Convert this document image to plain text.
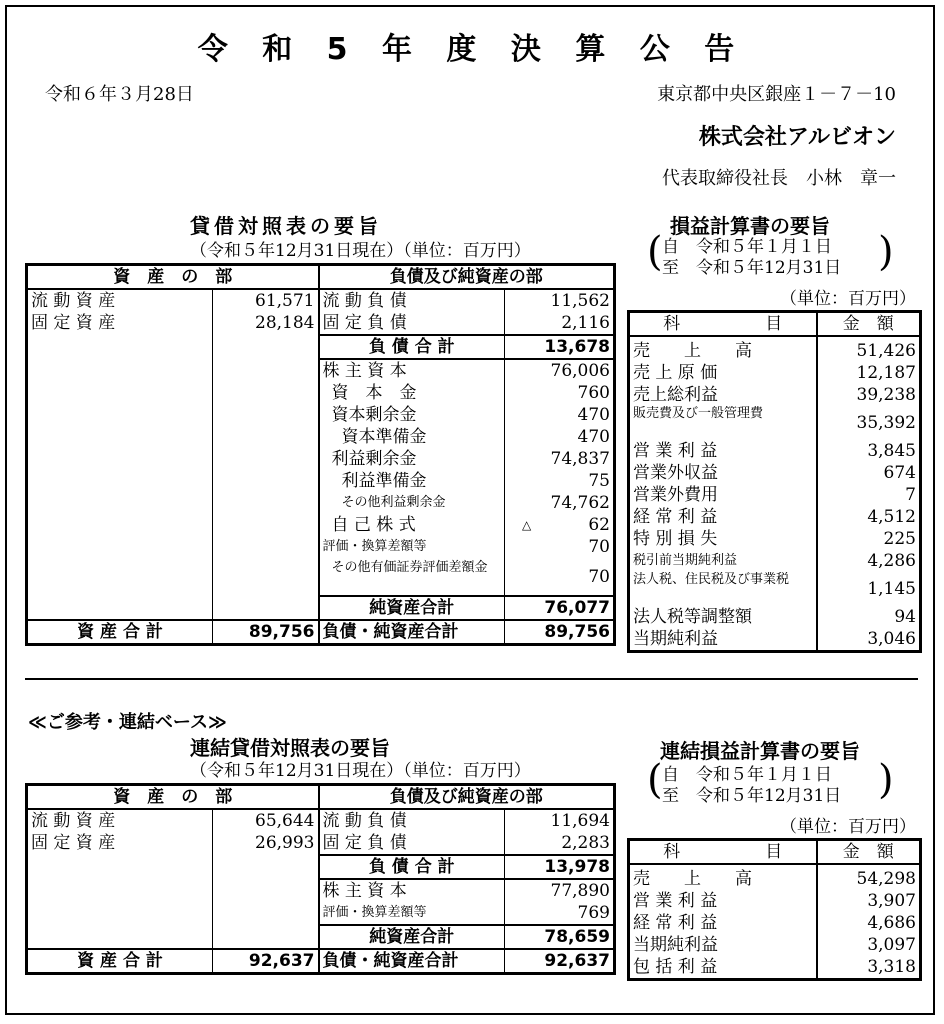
令 和 5 年 度 決 算 公 告
令和６年３月28日	東京都中央区銀座１－７－10
株式会社アルビオン
代表取締役社長　小林　章一
貸借対照表の要旨
（令和５年12月31日現在）（単位：百万円）
資　産　の　部		負債及び純資産の部	
流 動 資 産	61,571	流 動 負 債	11,562
固 定 資 産	28,184	固 定 負 債	2,116
		負 債 合 計	13,678
		株 主 資 本	76,006
		資　本　金	760
		資本剰余金	470
		資本準備金	470
		利益剰余金	74,837
		利益準備金	75
		その他利益剰余金	74,762
		自 己 株 式	△ 62
		評価・換算差額等	70
		その他有価証券評価差額金	70
		純資産合計	76,077
資 産 合 計	89,756	負債・純資産合計	89,756
損益計算書の要旨
( 自　令和５年１月１日
至　令和５年12月31日 )
（単位：百万円）
科　　　　　目	金　額
売　　上　　高	51,426
売 上 原 価	12,187
売上総利益	39,238
販売費及び一般管理費	35,392
営 業 利 益	3,845
営業外収益	674
営業外費用	7
経 常 利 益	4,512
特 別 損 失	225
税引前当期純利益	4,286
法人税、住民税及び事業税	1,145
法人税等調整額	94
当期純利益	3,046
≪ご参考・連結ベース≫
連結貸借対照表の要旨
（令和５年12月31日現在）（単位：百万円）
資　産　の　部		負債及び純資産の部	
流 動 資 産	65,644	流 動 負 債	11,694
固 定 資 産	26,993	固 定 負 債	2,283
		負 債 合 計	13,978
		株 主 資 本	77,890
		評価・換算差額等	769
		純資産合計	78,659
資 産 合 計	92,637	負債・純資産合計	92,637
連結損益計算書の要旨
( 自　令和５年１月１日
至　令和５年12月31日 )
（単位：百万円）
科　　　　　目	金　額
売　　上　　高	54,298
営 業 利 益	3,907
経 常 利 益	4,686
当期純利益	3,097
包 括 利 益	3,318
